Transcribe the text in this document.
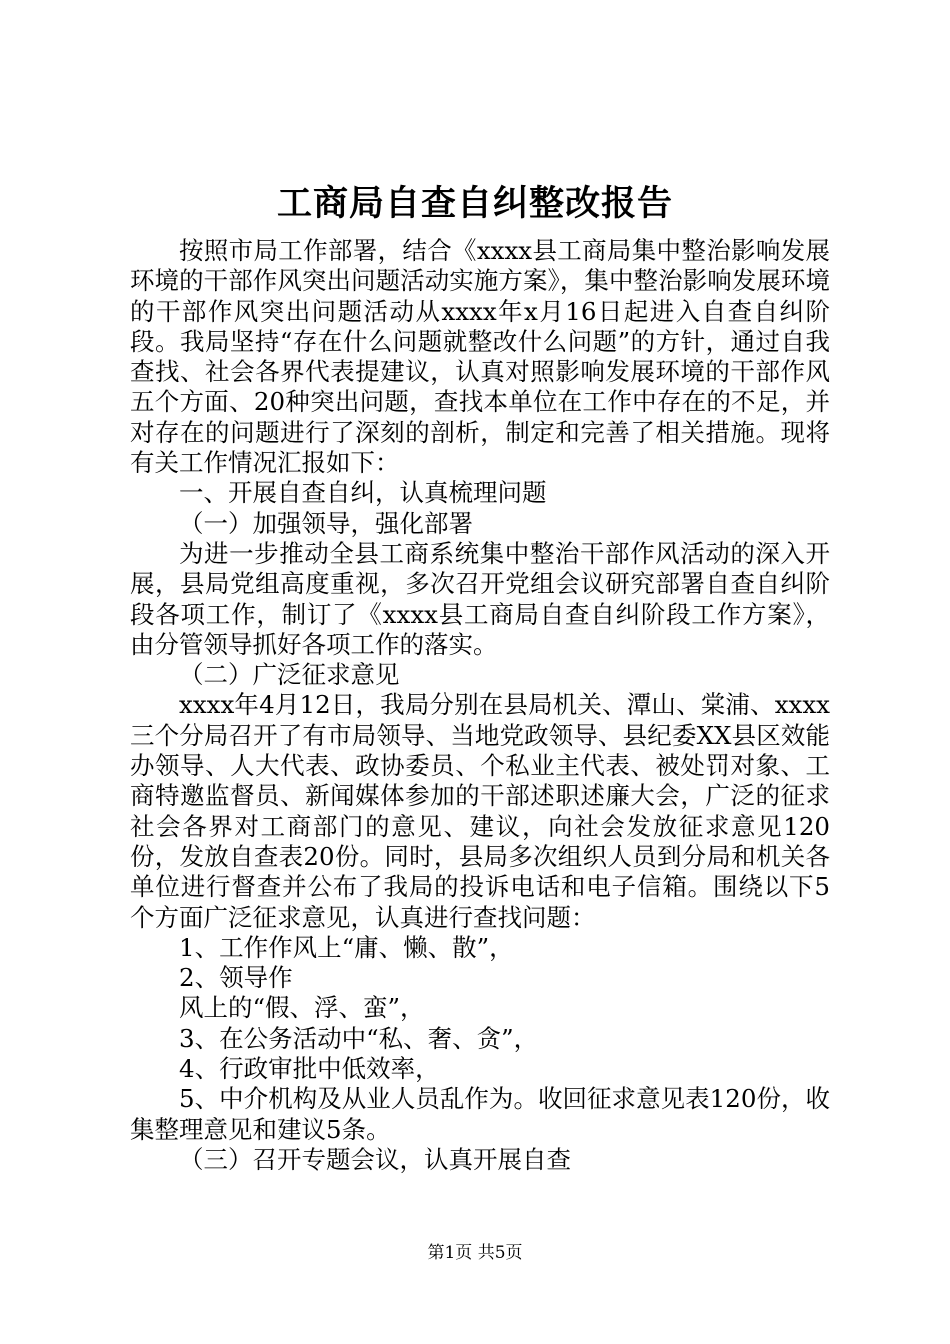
工商局自查自纠整改报告

按照市局工作部署，结合《xxxx县工商局集中整治影响发展环境的干部作风突出问题活动实施方案》，集中整治影响发展环境的干部作风突出问题活动从xxxx年x月16日起进入自查自纠阶段。我局坚持“存在什么问题就整改什么问题”的方针，通过自我查找、社会各界代表提建议，认真对照影响发展环境的干部作风五个方面、20种突出问题，查找本单位在工作中存在的不足，并对存在的问题进行了深刻的剖析，制定和完善了相关措施。现将有关工作情况汇报如下：

一、开展自查自纠，认真梳理问题

（一）加强领导，强化部署

为进一步推动全县工商系统集中整治干部作风活动的深入开展，县局党组高度重视，多次召开党组会议研究部署自查自纠阶段各项工作，制订了《xxxx县工商局自查自纠阶段工作方案》，由分管领导抓好各项工作的落实。

（二）广泛征求意见

xxxx年4月12日，我局分别在县局机关、潭山、棠浦、xxxx三个分局召开了有市局领导、当地党政领导、县纪委XX县区效能办领导、人大代表、政协委员、个私业主代表、被处罚对象、工商特邀监督员、新闻媒体参加的干部述职述廉大会，广泛的征求社会各界对工商部门的意见、建议，向社会发放征求意见120份，发放自查表20份。同时，县局多次组织人员到分局和机关各单位进行督查并公布了我局的投诉电话和电子信箱。围绕以下5个方面广泛征求意见，认真进行查找问题：

1、工作作风上“庸、懒、散”，

2、领导作

风上的“假、浮、蛮”，

3、在公务活动中“私、奢、贪”，

4、行政审批中低效率，

5、中介机构及从业人员乱作为。收回征求意见表120份，收集整理意见和建议5条。

（三）召开专题会议，认真开展自查

第1页 共5页
